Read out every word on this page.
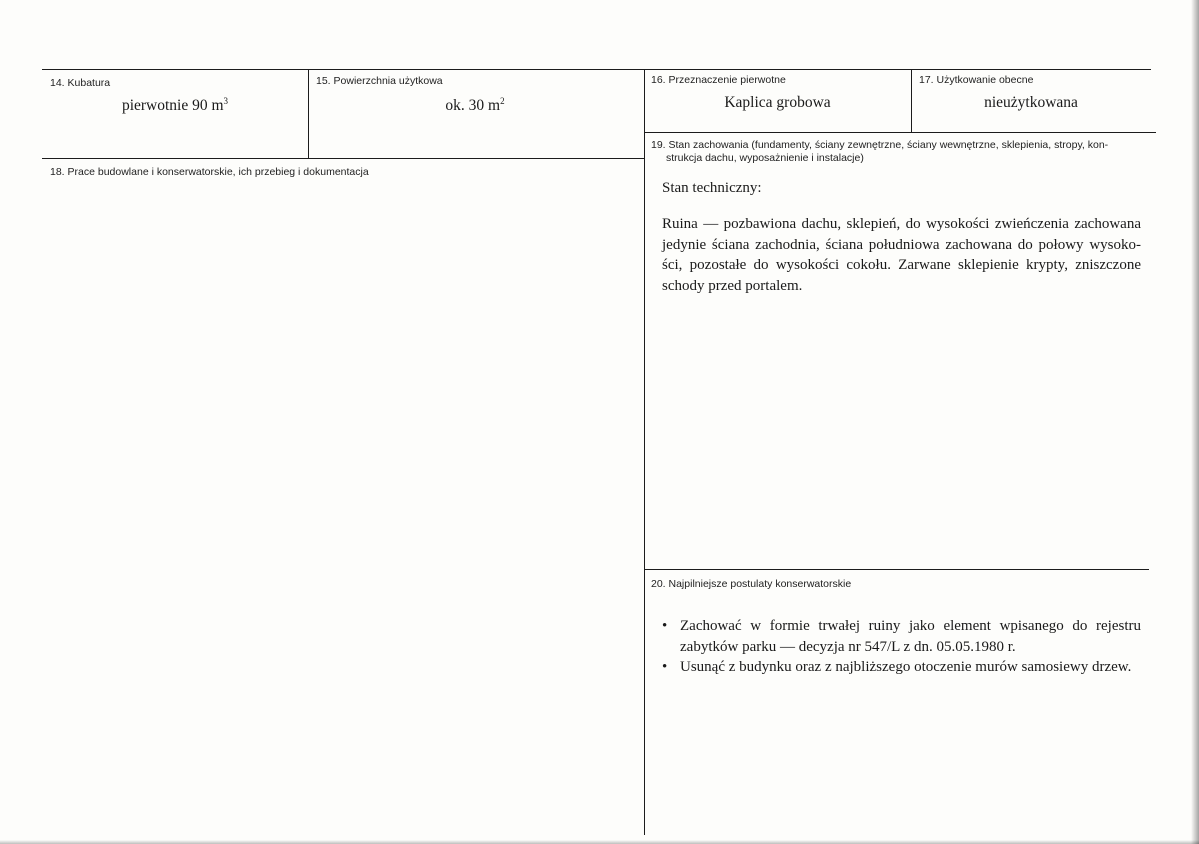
14. Kubatura

pierwotnie 90 $m^3$

15. Powierzchnia użytkowa

ok. 30 $m^2$

16. Przeznaczenie pierwotne

Kaplica grobowa

17. Użytkowanie obecne

nieużytkowana

18. Prace budowlane i konserwatorskie, ich przebieg i dokumentacja

19. Stan zachowania (fundamenty, ściany zewnętrzne, ściany wewnętrzne, sklepienia, stropy, kon-

strukcja dachu, wyposażnienie i instalacje)

Stan techniczny:

Ruina — pozbawiona dachu, sklepień, do wysokości zwieńczenia zachowana jedynie ściana zachodnia, ściana południowa zachowana do połowy wysoko-ści, pozostałe do wysokości cokołu. Zarwane sklepienie krypty, zniszczone schody przed portalem.

20. Najpilniejsze postulaty konserwatorskie

• Zachować w formie trwałej ruiny jako element wpisanego do rejestru zabytków parku — decyzja nr 547/L z dn. 05.05.1980 r.
• Usunąć z budynku oraz z najbliższego otoczenie murów samosiewy drzew.
